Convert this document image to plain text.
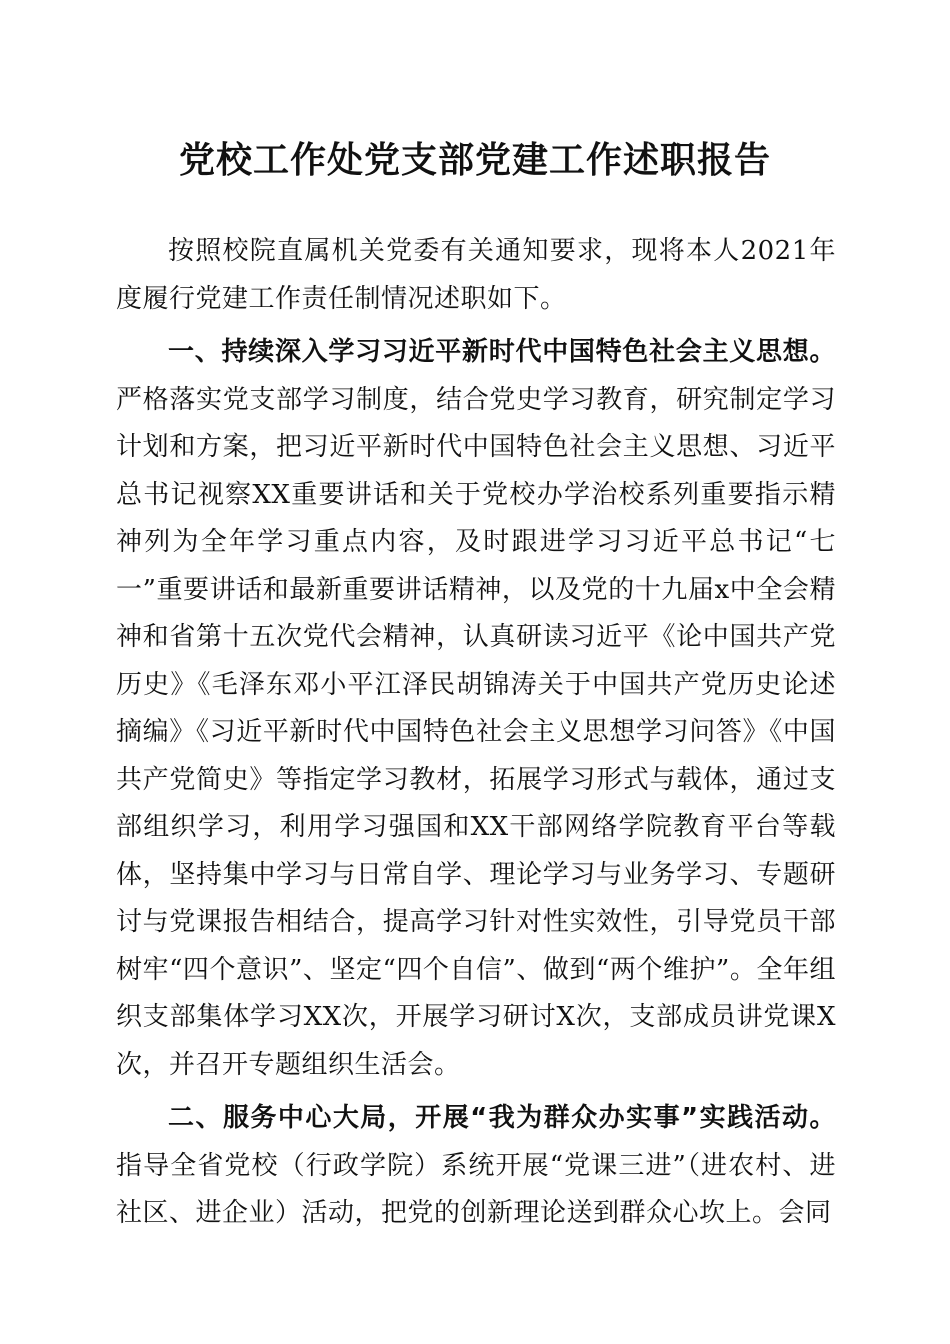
党校工作处党支部党建工作述职报告

按照校院直属机关党委有关通知要求，现将本人2021年度履行党建工作责任制情况述职如下。

一、持续深入学习习近平新时代中国特色社会主义思想。严格落实党支部学习制度，结合党史学习教育，研究制定学习计划和方案，把习近平新时代中国特色社会主义思想、习近平总书记视察XX重要讲话和关于党校办学治校系列重要指示精神列为全年学习重点内容，及时跟进学习习近平总书记“七一”重要讲话和最新重要讲话精神，以及党的十九届x中全会精神和省第十五次党代会精神，认真研读习近平《论中国共产党历史》《毛泽东邓小平江泽民胡锦涛关于中国共产党历史论述摘编》《习近平新时代中国特色社会主义思想学习问答》《中国共产党简史》等指定学习教材，拓展学习形式与载体，通过支部组织学习，利用学习强国和XX干部网络学院教育平台等载体，坚持集中学习与日常自学、理论学习与业务学习、专题研讨与党课报告相结合，提高学习针对性实效性，引导党员干部树牢“四个意识”、坚定“四个自信”、做到“两个维护”。全年组织支部集体学习XX次，开展学习研讨X次，支部成员讲党课X次，并召开专题组织生活会。

二、服务中心大局，开展“我为群众办实事”实践活动。指导全省党校（行政学院）系统开展“党课三进”（进农村、进社区、进企业）活动，把党的创新理论送到群众心坎上。会同
